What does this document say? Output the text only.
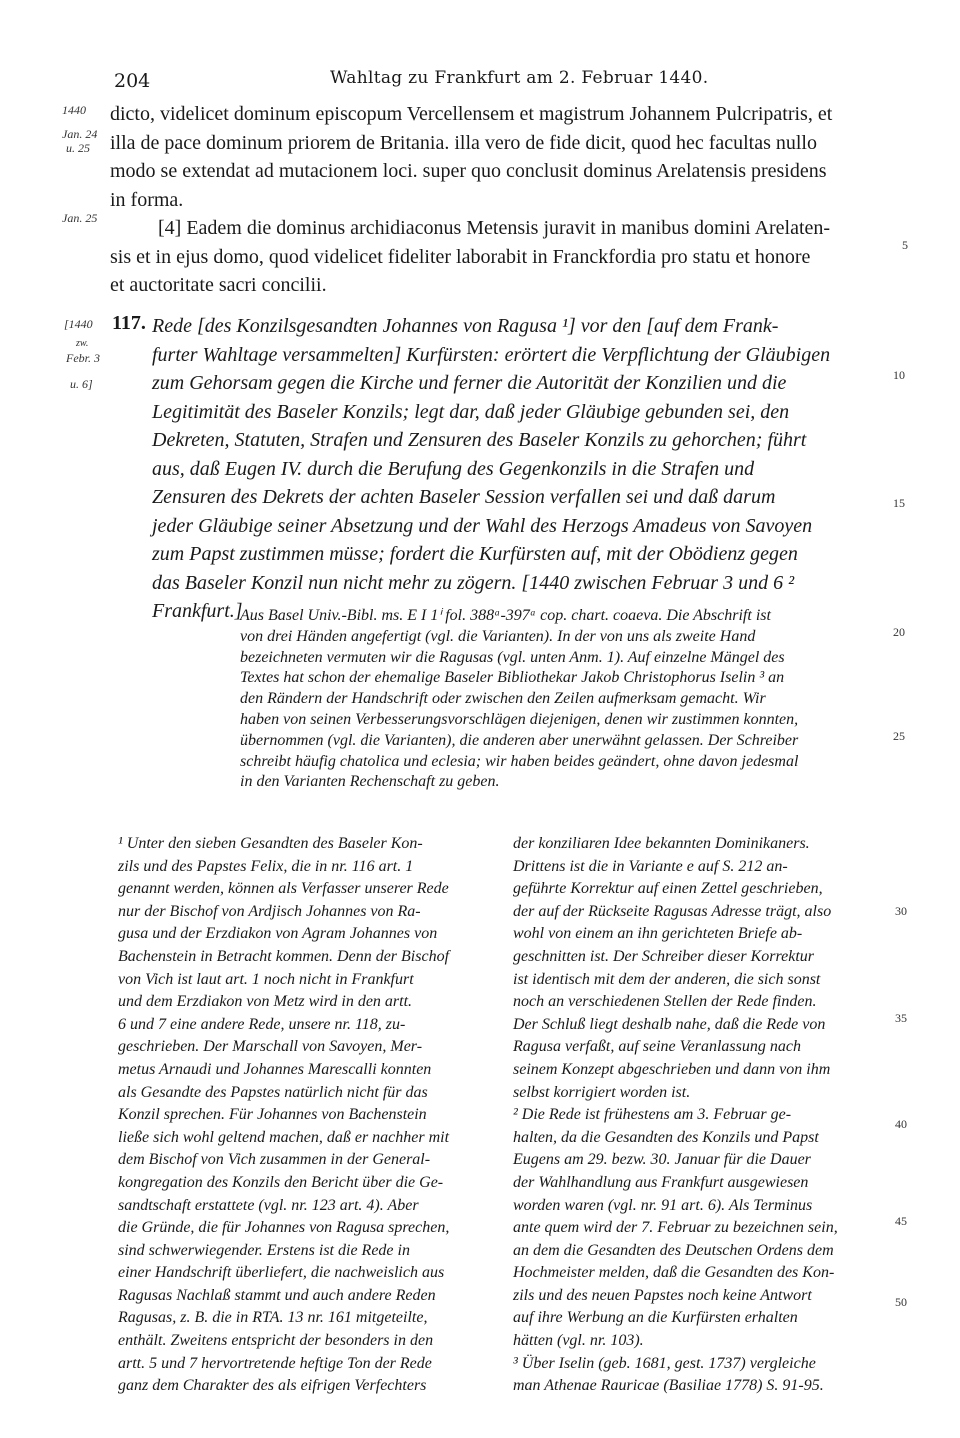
204	Wahltag zu Frankfurt am 2. Februar 1440.
1440
Jan. 24
u. 25
Jan. 25
dicto, videlicet dominum episcopum Vercellensem et magistrum Johannem Pulcripatris, et
illa de pace dominum priorem de Britania. illa vero de fide dicit, quod hec facultas nullo
modo se extendat ad mutacionem loci. super quo conclusit dominus Arelatensis presidens
in forma.
[4] Eadem die dominus archidiaconus Metensis juravit in manibus domini Arelaten-
sis et in ejus domo, quod videlicet fideliter laborabit in Franckfordia pro statu et honore
et auctoritate sacri concilii.
5
10
15
20
25
30
35
40
45
50
[1440
zw.
Febr. 3
u. 6]
117. Rede [des Konzilsgesandten Johannes von Ragusa ¹] vor den [auf dem Frank-
furter Wahltage versammelten] Kurfürsten: erörtert die Verpflichtung der Gläubigen
zum Gehorsam gegen die Kirche und ferner die Autorität der Konzilien und die
Legitimität des Baseler Konzils; legt dar, daß jeder Gläubige gebunden sei, den
Dekreten, Statuten, Strafen und Zensuren des Baseler Konzils zu gehorchen; führt
aus, daß Eugen IV. durch die Berufung des Gegenkonzils in die Strafen und
Zensuren des Dekrets der achten Baseler Session verfallen sei und daß darum
jeder Gläubige seiner Absetzung und der Wahl des Herzogs Amadeus von Savoyen
zum Papst zustimmen müsse; fordert die Kurfürsten auf, mit der Obödienz gegen
das Baseler Konzil nun nicht mehr zu zögern. [1440 zwischen Februar 3 und 6 ²
Frankfurt.]
Aus Basel Univ.-Bibl. ms. E I 1ⁱ fol. 388ᵃ-397ᵃ cop. chart. coaeva. Die Abschrift ist
von drei Händen angefertigt (vgl. die Varianten). In der von uns als zweite Hand
bezeichneten vermuten wir die Ragusas (vgl. unten Anm. 1). Auf einzelne Mängel des
Textes hat schon der ehemalige Baseler Bibliothekar Jakob Christophorus Iselin ³ an
den Rändern der Handschrift oder zwischen den Zeilen aufmerksam gemacht. Wir
haben von seinen Verbesserungsvorschlägen diejenigen, denen wir zustimmen konnten,
übernommen (vgl. die Varianten), die anderen aber unerwähnt gelassen. Der Schreiber
schreibt häufig chatolica und eclesia; wir haben beides geändert, ohne davon jedesmal
in den Varianten Rechenschaft zu geben.
¹ Unter den sieben Gesandten des Baseler Kon-
zils und des Papstes Felix, die in nr. 116 art. 1
genannt werden, können als Verfasser unserer Rede
nur der Bischof von Ardjisch Johannes von Ra-
gusa und der Erzdiakon von Agram Johannes von
Bachenstein in Betracht kommen. Denn der Bischof
von Vich ist laut art. 1 noch nicht in Frankfurt
und dem Erzdiakon von Metz wird in den artt.
6 und 7 eine andere Rede, unsere nr. 118, zu-
geschrieben. Der Marschall von Savoyen, Mer-
metus Arnaudi und Johannes Marescalli konnten
als Gesandte des Papstes natürlich nicht für das
Konzil sprechen. Für Johannes von Bachenstein
ließe sich wohl geltend machen, daß er nachher mit
dem Bischof von Vich zusammen in der General-
kongregation des Konzils den Bericht über die Ge-
sandtschaft erstattete (vgl. nr. 123 art. 4). Aber
die Gründe, die für Johannes von Ragusa sprechen,
sind schwerwiegender. Erstens ist die Rede in
einer Handschrift überliefert, die nachweislich aus
Ragusas Nachlaß stammt und auch andere Reden
Ragusas, z. B. die in RTA. 13 nr. 161 mitgeteilte,
enthält. Zweitens entspricht der besonders in den
artt. 5 und 7 hervortretende heftige Ton der Rede
ganz dem Charakter des als eifrigen Verfechters
der konziliaren Idee bekannten Dominikaners.
Drittens ist die in Variante e auf S. 212 an-
geführte Korrektur auf einen Zettel geschrieben,
der auf der Rückseite Ragusas Adresse trägt, also
wohl von einem an ihn gerichteten Briefe ab-
geschnitten ist. Der Schreiber dieser Korrektur
ist identisch mit dem der anderen, die sich sonst
noch an verschiedenen Stellen der Rede finden.
Der Schluß liegt deshalb nahe, daß die Rede von
Ragusa verfaßt, auf seine Veranlassung nach
seinem Konzept abgeschrieben und dann von ihm
selbst korrigiert worden ist.
² Die Rede ist frühestens am 3. Februar ge-
halten, da die Gesandten des Konzils und Papst
Eugens am 29. bezw. 30. Januar für die Dauer
der Wahlhandlung aus Frankfurt ausgewiesen
worden waren (vgl. nr. 91 art. 6). Als Terminus
ante quem wird der 7. Februar zu bezeichnen sein,
an dem die Gesandten des Deutschen Ordens dem
Hochmeister melden, daß die Gesandten des Kon-
zils und des neuen Papstes noch keine Antwort
auf ihre Werbung an die Kurfürsten erhalten
hätten (vgl. nr. 103).
³ Über Iselin (geb. 1681, gest. 1737) vergleiche
man Athenae Rauricae (Basiliae 1778) S. 91-95.
